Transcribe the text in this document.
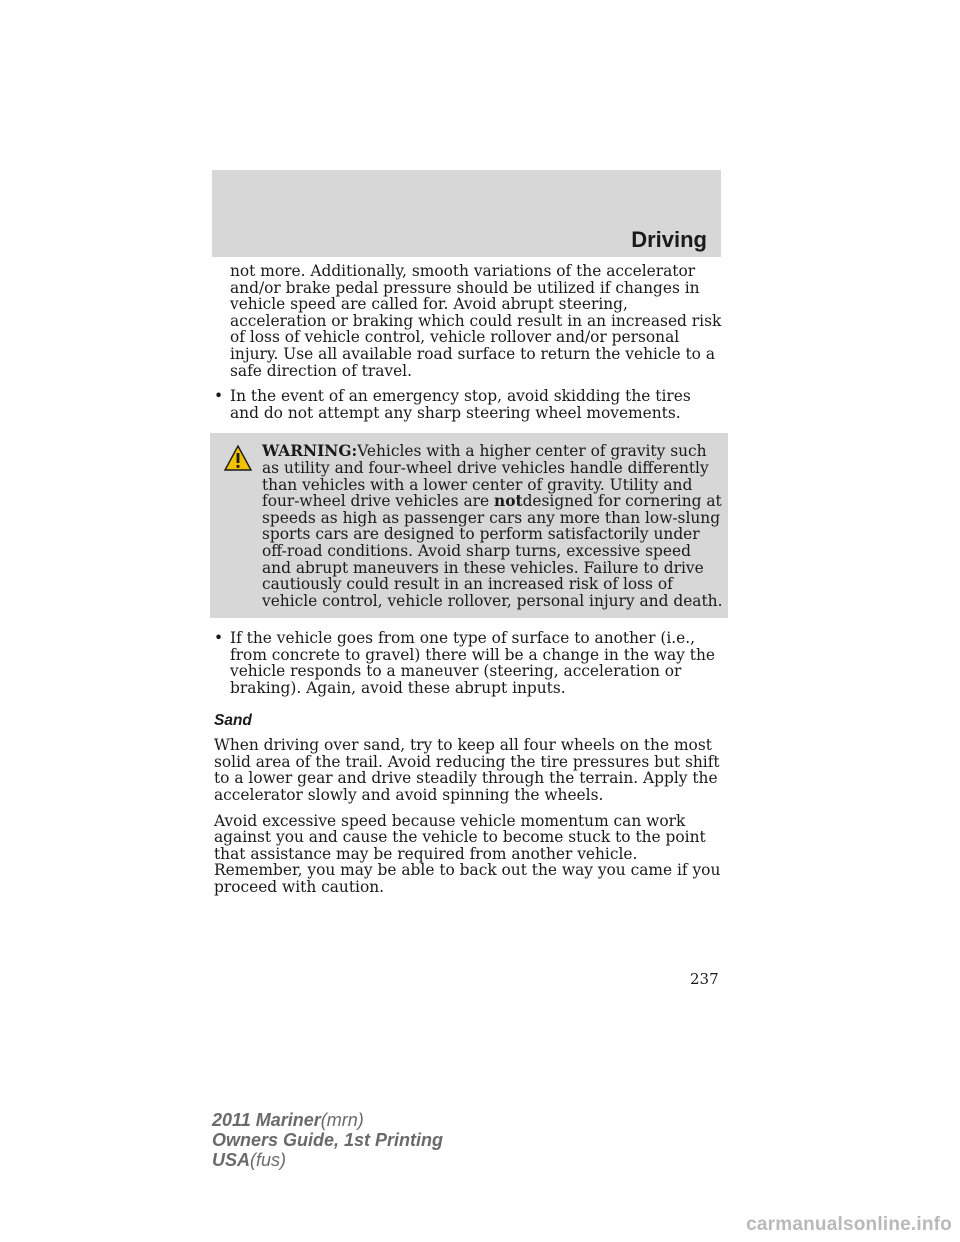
Driving

not more. Additionally, smooth variations of the accelerator and/or brake pedal pressure should be utilized if changes in vehicle speed are called for. Avoid abrupt steering, acceleration or braking which could result in an increased risk of loss of vehicle control, vehicle rollover and/or personal injury. Use all available road surface to return the vehicle to a safe direction of travel.

• In the event of an emergency stop, avoid skidding the tires and do not attempt any sharp steering wheel movements.
WARNING:Vehicles with a higher center of gravity such as utility and four-wheel drive vehicles handle differently than vehicles with a lower center of gravity. Utility and four-wheel drive vehicles are notdesigned for cornering at speeds as high as passenger cars any more than low-slung sports cars are designed to perform satisfactorily under off-road conditions. Avoid sharp turns, excessive speed and abrupt maneuvers in these vehicles. Failure to drive cautiously could result in an increased risk of loss of vehicle control, vehicle rollover, personal injury and death.
• If the vehicle goes from one type of surface to another (i.e., from concrete to gravel) there will be a change in the way the vehicle responds to a maneuver (steering, acceleration or braking). Again, avoid these abrupt inputs.
Sand

When driving over sand, try to keep all four wheels on the most solid area of the trail. Avoid reducing the tire pressures but shift to a lower gear and drive steadily through the terrain. Apply the accelerator slowly and avoid spinning the wheels.

Avoid excessive speed because vehicle momentum can work against you and cause the vehicle to become stuck to the point that assistance may be required from another vehicle. Remember, you may be able to back out the way you came if you proceed with caution.

237
2011 Mariner(mrn)
Owners Guide, 1st Printing
USA(fus)
carmanualsonline.info
